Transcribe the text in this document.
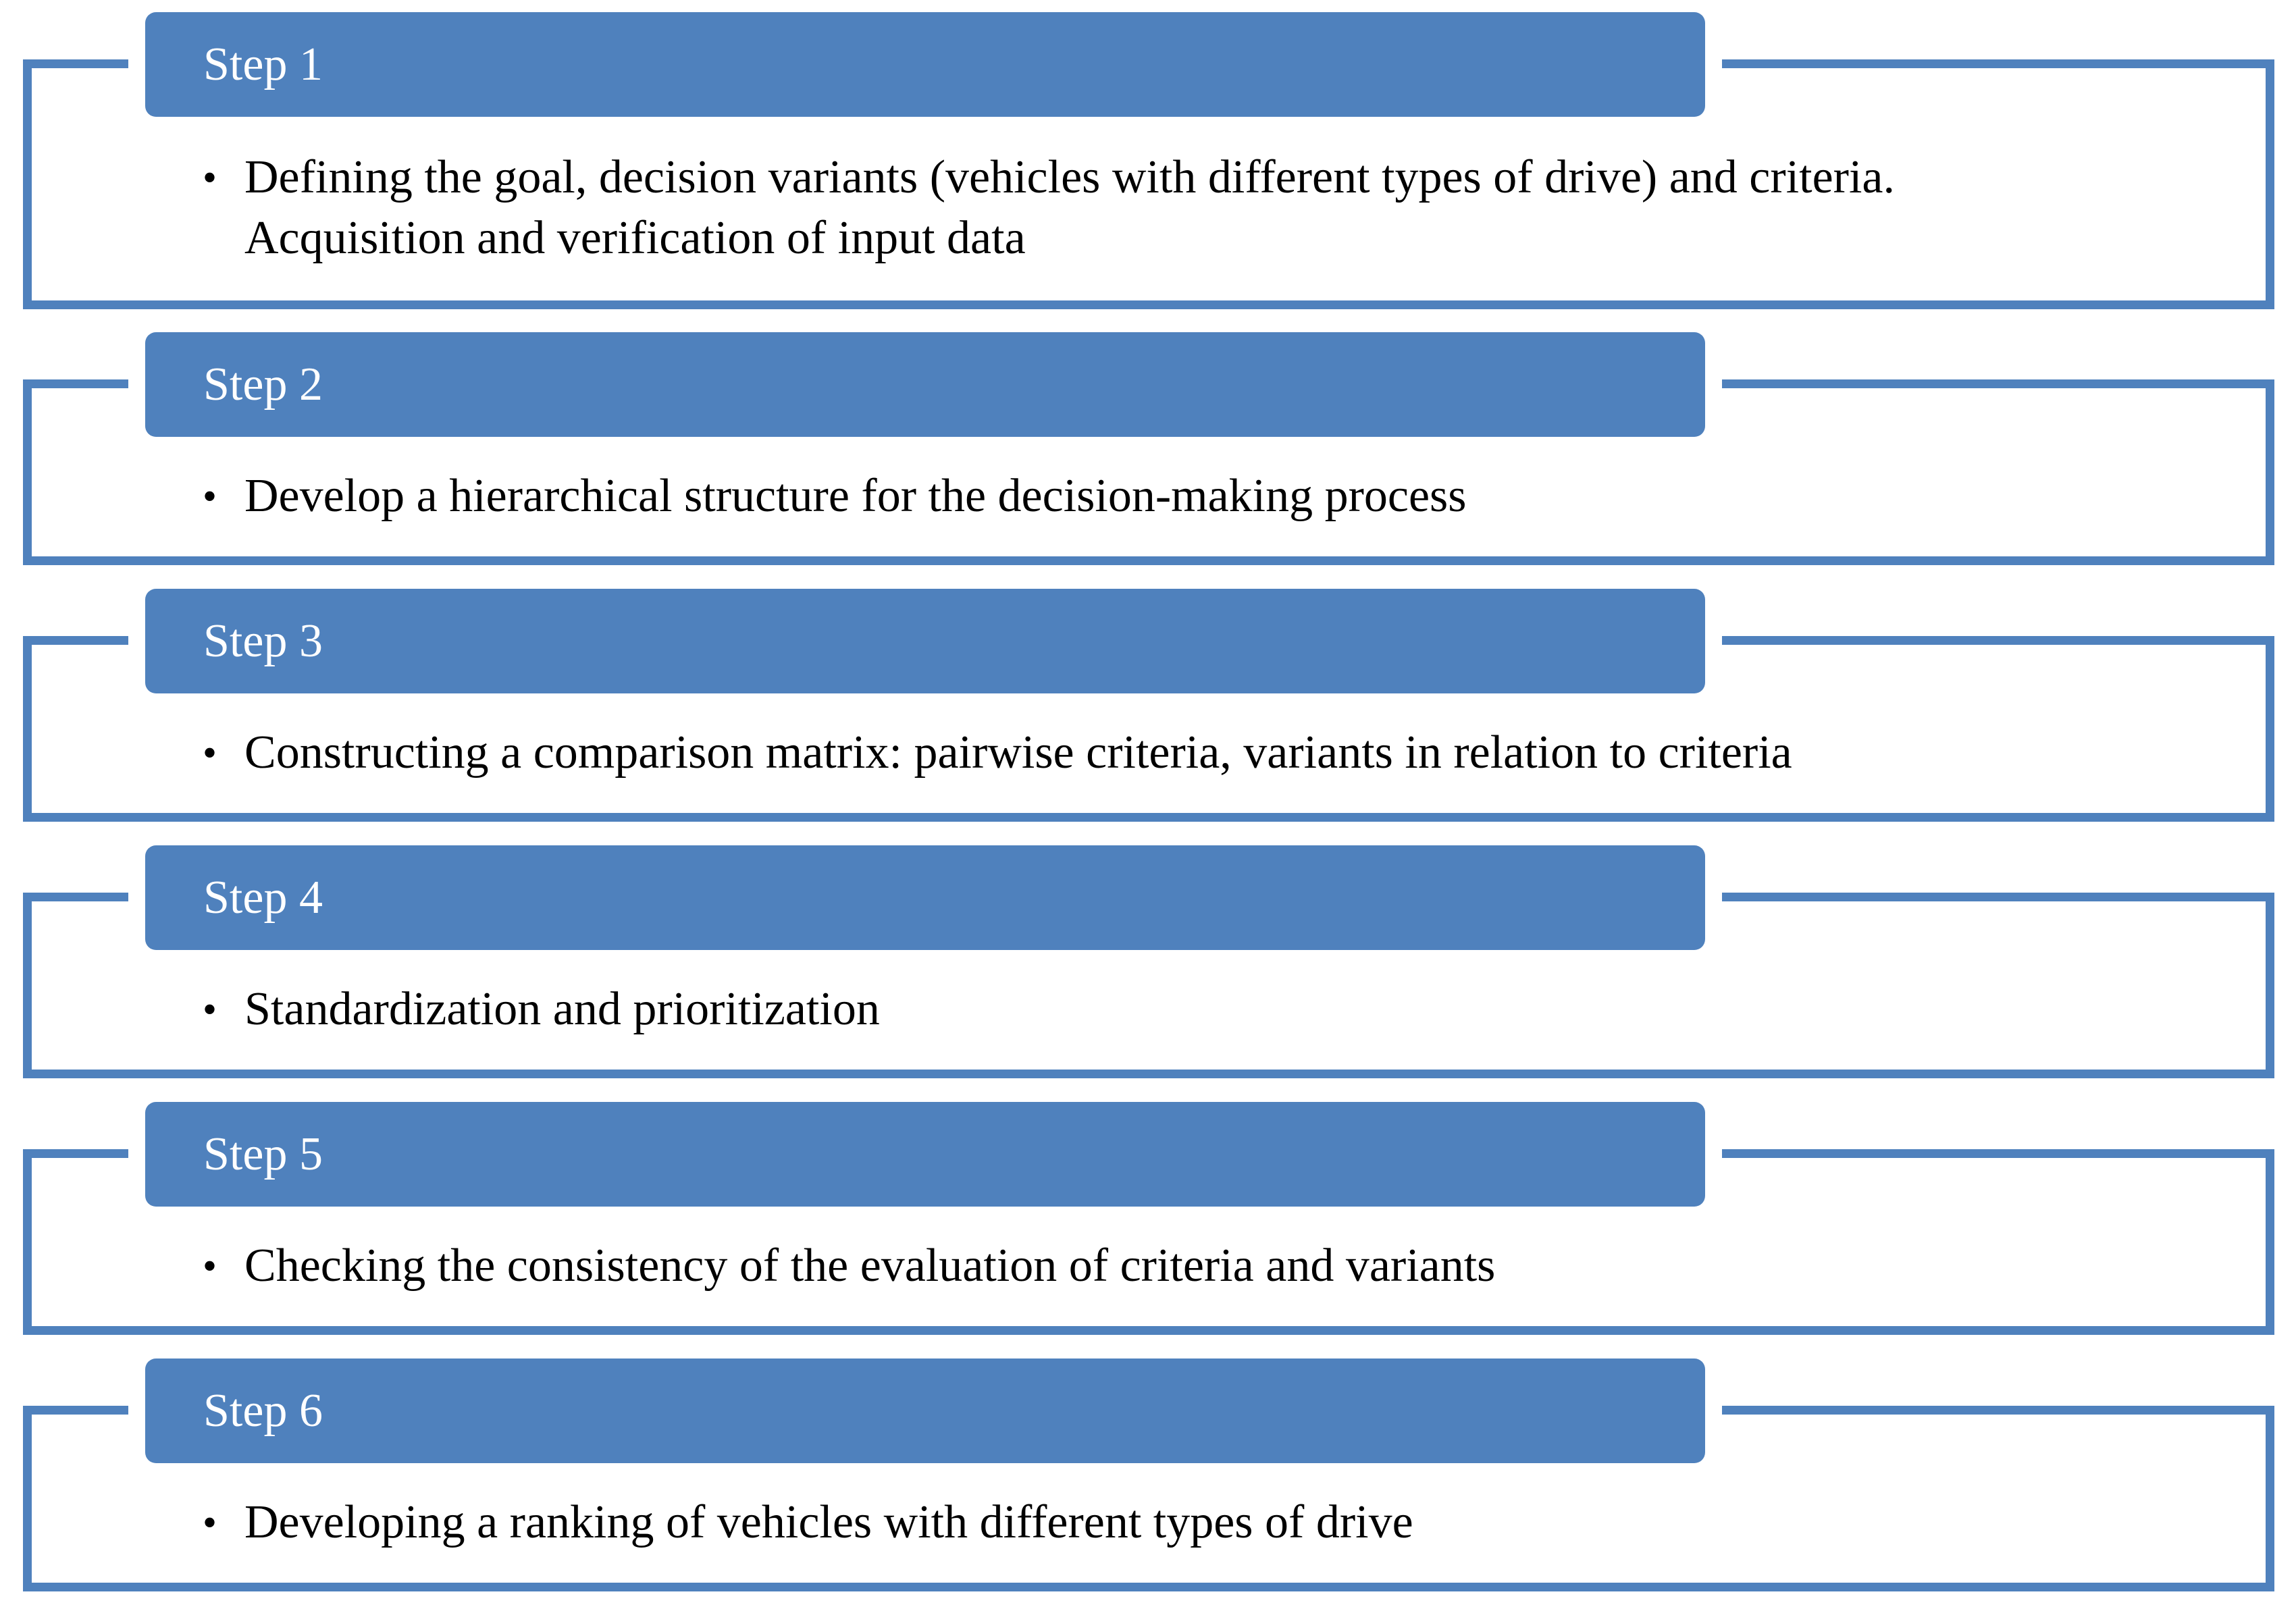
Step 1
• Defining the goal, decision variants (vehicles with different types of drive) and criteria. Acquisition and verification of input data
Step 2
• Develop a hierarchical structure for the decision-making process
Step 3
• Constructing a comparison matrix: pairwise criteria, variants in relation to criteria
Step 4
• Standardization and prioritization
Step 5
• Checking the consistency of the evaluation of criteria and variants
Step 6
• Developing a ranking of vehicles with different types of drive
